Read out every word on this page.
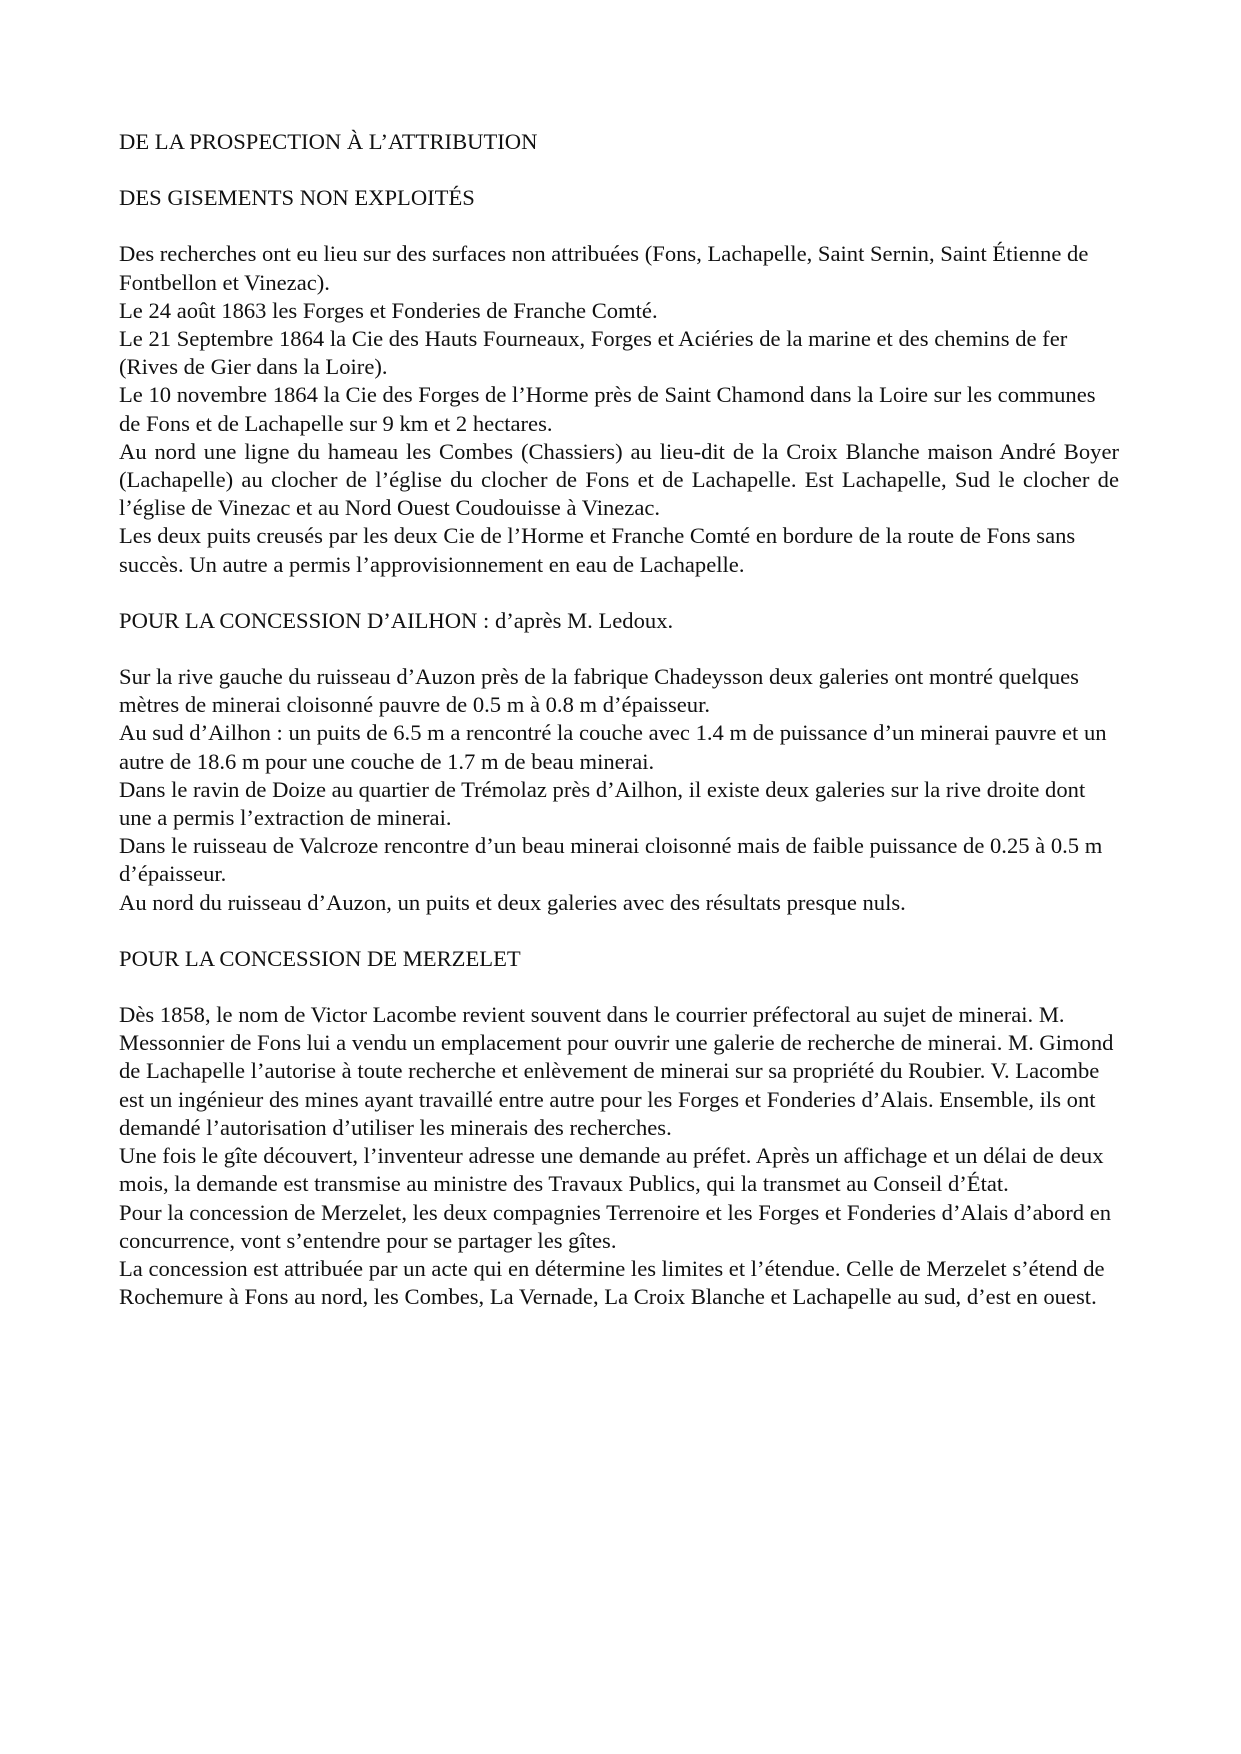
DE LA PROSPECTION À L’ATTRIBUTION
DES GISEMENTS NON EXPLOITÉS

Des recherches ont eu lieu sur des surfaces non attribuées (Fons, Lachapelle, Saint Sernin, Saint Étienne de Fontbellon et Vinezac).

Le 24 août 1863 les Forges et Fonderies de Franche Comté.

Le 21 Septembre 1864 la Cie des Hauts Fourneaux, Forges et Aciéries de la marine et des chemins de fer (Rives de Gier dans la Loire).

Le 10 novembre 1864 la Cie des Forges de l’Horme près de Saint Chamond dans la Loire sur les communes de Fons et de Lachapelle sur 9 km et 2 hectares.

Au nord une ligne du hameau les Combes (Chassiers) au lieu-dit de la Croix Blanche maison André Boyer (Lachapelle) au clocher de l’église du clocher de Fons et de Lachapelle. Est Lachapelle, Sud le clocher de l’église de Vinezac et au Nord Ouest Coudouisse à Vinezac.

Les deux puits creusés par les deux Cie de l’Horme et Franche Comté en bordure de la route de Fons sans succès. Un autre a permis l’approvisionnement en eau de Lachapelle.

POUR LA CONCESSION D’AILHON : d’après M. Ledoux.

Sur la rive gauche du ruisseau d’Auzon près de la fabrique Chadeysson deux galeries ont montré quelques mètres de minerai cloisonné pauvre de 0.5 m à 0.8 m d’épaisseur.

Au sud d’Ailhon : un puits de 6.5 m a rencontré la couche avec 1.4 m de puissance d’un minerai pauvre et un autre de 18.6 m pour une couche de 1.7 m de beau minerai.

Dans le ravin de Doize au quartier de Trémolaz près d’Ailhon, il existe deux galeries sur la rive droite dont une a permis l’extraction de minerai.

Dans le ruisseau de Valcroze rencontre d’un beau minerai cloisonné mais de faible puissance de 0.25 à 0.5 m d’épaisseur.

Au nord du ruisseau d’Auzon, un puits et deux galeries avec des résultats presque nuls.

POUR LA CONCESSION DE MERZELET

Dès 1858, le nom de Victor Lacombe revient souvent dans le courrier préfectoral au sujet de minerai. M. Messonnier de Fons lui a vendu un emplacement pour ouvrir une galerie de recherche de minerai. M. Gimond de Lachapelle l’autorise à toute recherche et enlèvement de minerai sur sa propriété du Roubier. V. Lacombe est un ingénieur des mines ayant travaillé entre autre pour les Forges et Fonderies d’Alais. Ensemble, ils ont demandé l’autorisation d’utiliser les minerais des recherches.

Une fois le gîte découvert, l’inventeur adresse une demande au préfet. Après un affichage et un délai de deux mois, la demande est transmise au ministre des Travaux Publics, qui la transmet au Conseil d’État.

Pour la concession de Merzelet, les deux compagnies Terrenoire et les Forges et Fonderies d’Alais d’abord en concurrence, vont s’entendre pour se partager les gîtes.

La concession est attribuée par un acte qui en détermine les limites et l’étendue. Celle de Merzelet s’étend de Rochemure à Fons au nord, les Combes, La Vernade, La Croix Blanche et Lachapelle au sud, d’est en ouest.
